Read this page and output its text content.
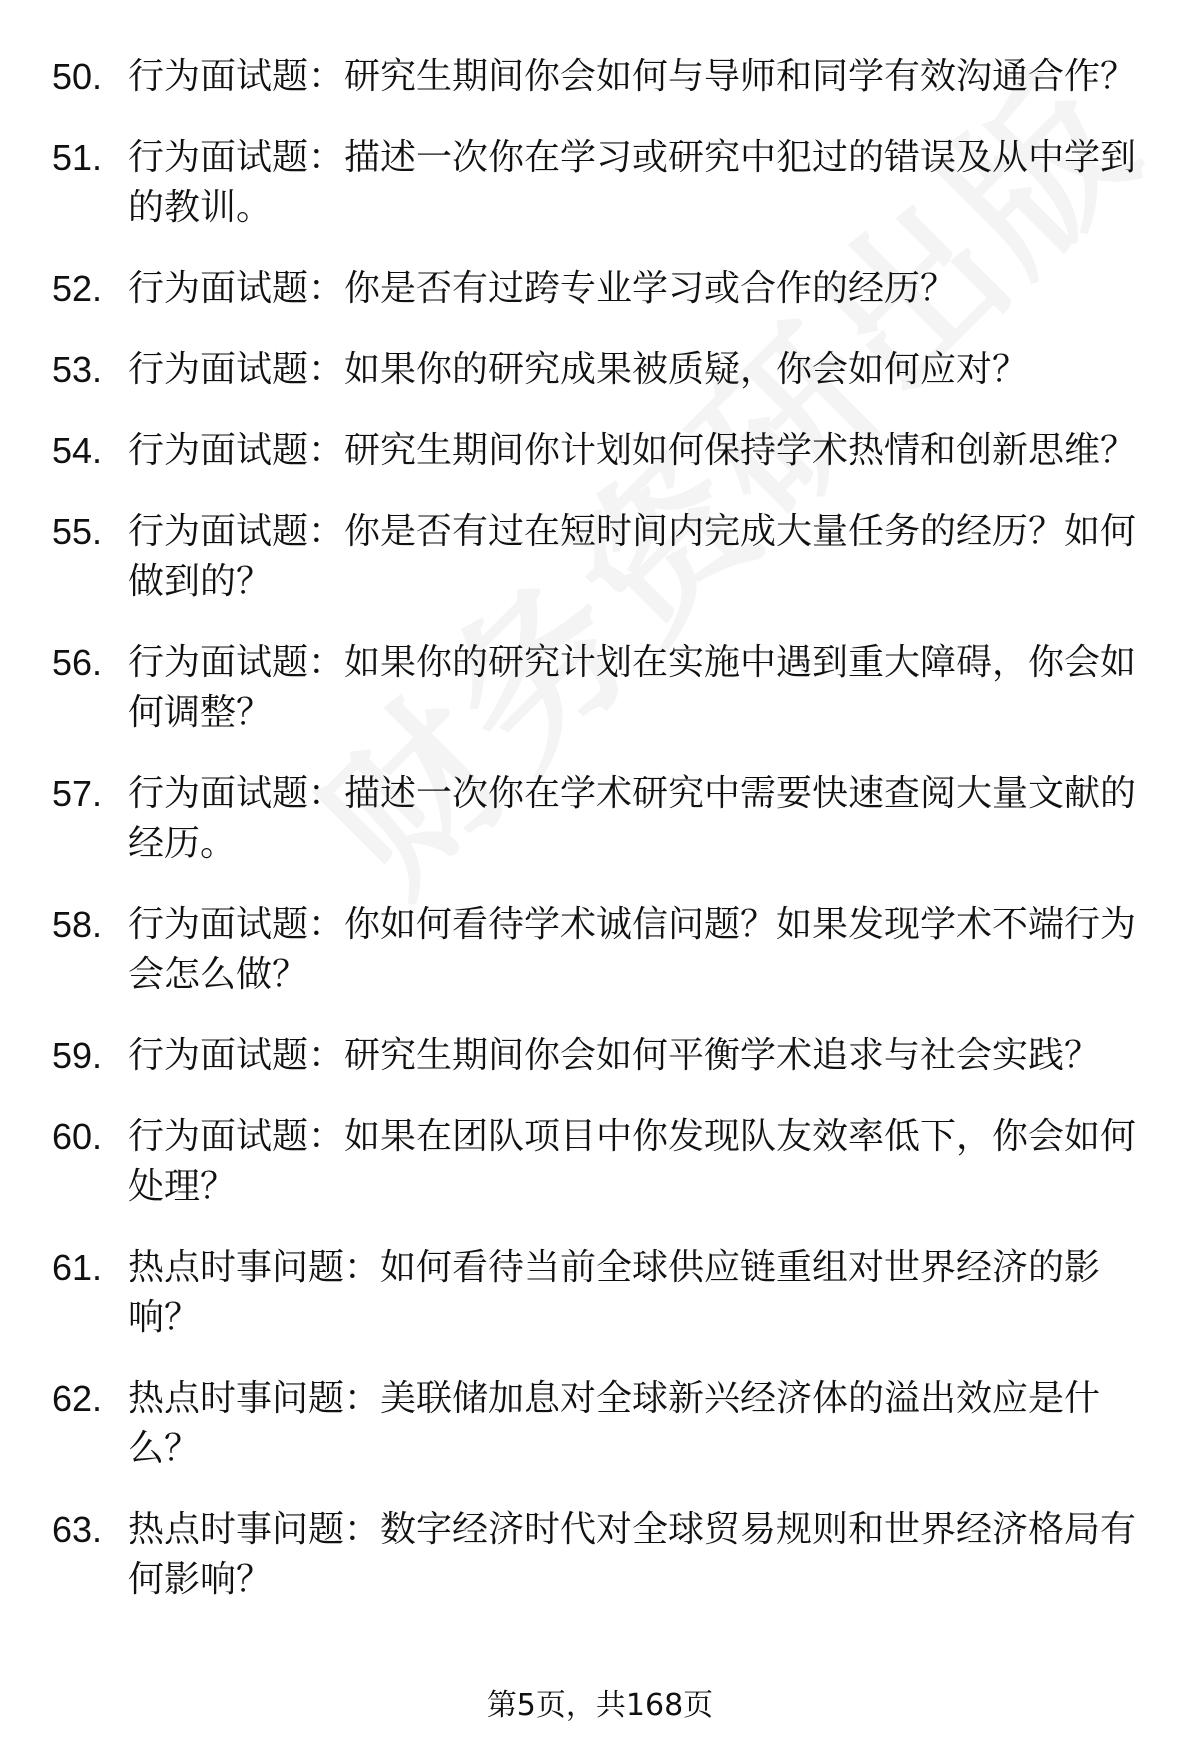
50. 行为面试题：研究生期间你会如何与导师和同学有效沟通合作？
51. 行为面试题：描述一次你在学习或研究中犯过的错误及从中学到的教训。
52. 行为面试题：你是否有过跨专业学习或合作的经历？
53. 行为面试题：如果你的研究成果被质疑，你会如何应对？
54. 行为面试题：研究生期间你计划如何保持学术热情和创新思维？
55. 行为面试题：你是否有过在短时间内完成大量任务的经历？如何做到的？
56. 行为面试题：如果你的研究计划在实施中遇到重大障碍，你会如何调整？
57. 行为面试题：描述一次你在学术研究中需要快速查阅大量文献的经历。
58. 行为面试题：你如何看待学术诚信问题？如果发现学术不端行为会怎么做？
59. 行为面试题：研究生期间你会如何平衡学术追求与社会实践？
60. 行为面试题：如果在团队项目中你发现队友效率低下，你会如何处理？
61. 热点时事问题：如何看待当前全球供应链重组对世界经济的影响？
62. 热点时事问题：美联储加息对全球新兴经济体的溢出效应是什么？
63. 热点时事问题：数字经济时代对全球贸易规则和世界经济格局有何影响？
第5页，共168页
